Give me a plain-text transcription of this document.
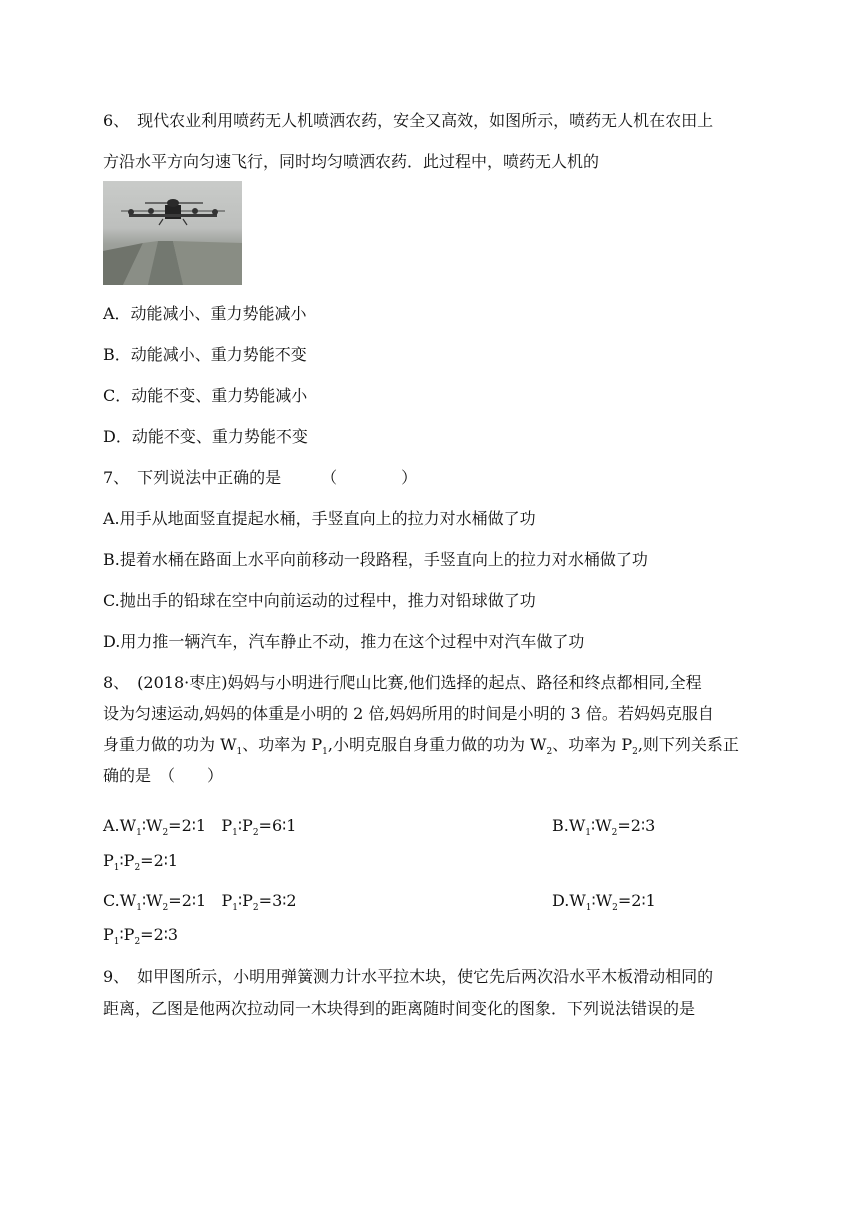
6、　现代农业利用喷药无人机喷洒农药，安全又高效，如图所示，喷药无人机在农田上
方沿水平方向匀速飞行，同时均匀喷洒农药．此过程中，喷药无人机的
A．动能减小、重力势能减小
B．动能减小、重力势能不变
C．动能不变、重力势能减小
D．动能不变、重力势能不变
7、　下列说法中正确的是　　　（　　　　）
A.用手从地面竖直提起水桶，手竖直向上的拉力对水桶做了功
B.提着水桶在路面上水平向前移动一段路程，手竖直向上的拉力对水桶做了功
C.抛出手的铅球在空中向前运动的过程中，推力对铅球做了功
D.用力推一辆汽车，汽车静止不动，推力在这个过程中对汽车做了功
8、　(2018·枣庄)妈妈与小明进行爬山比赛,他们选择的起点、路径和终点都相同,全程
设为匀速运动,妈妈的体重是小明的 2 倍,妈妈所用的时间是小明的 3 倍。若妈妈克服自
身重力做的功为 $W_1$、功率为 $P_1$,小明克服自身重力做的功为 $W_2$、功率为 $P_2$,则下列关系正
确的是　（　　）
$A.W_1∶W_2=2∶1$ $P_1∶P_2=6∶1$	$B.W_1∶W_2=2∶3$
$P_1∶P_2=2∶1$
$C.W_1∶W_2=2∶1$ $P_1∶P_2=3∶2$	$D.W_1∶W_2=2∶1$
$P_1∶P_2=2∶3$
9、　如甲图所示，小明用弹簧测力计水平拉木块，使它先后两次沿水平木板滑动相同的
距离，乙图是他两次拉动同一木块得到的距离随时间变化的图象．下列说法错误的是
